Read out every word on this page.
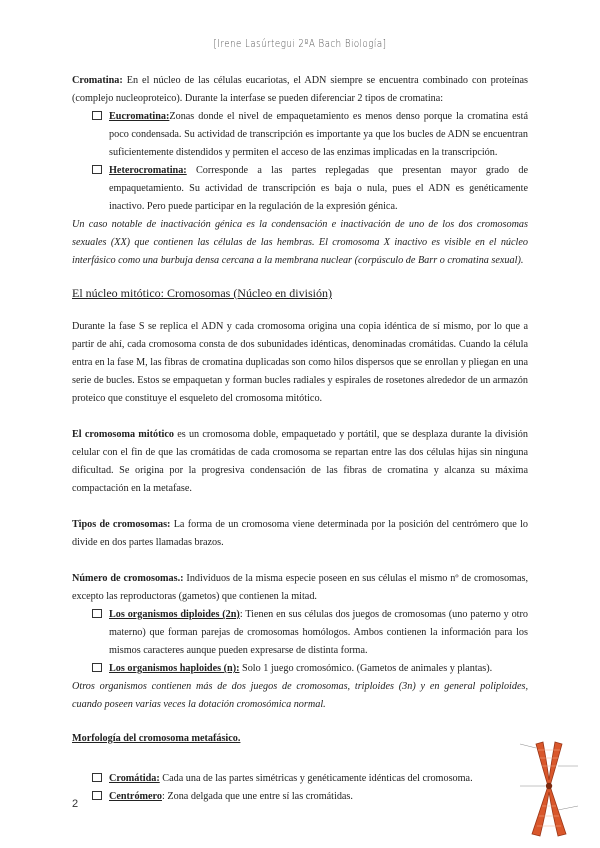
[Irene Lasúrtegui 2ºA Bach Biología]

Cromatina: En el núcleo de las células eucariotas, el ADN siempre se encuentra combinado con proteínas (complejo nucleoproteico). Durante la interfase se pueden diferenciar 2 tipos de cromatina:

Eucromatina:Zonas donde el nivel de empaquetamiento es menos denso porque la cromatina está poco condensada. Su actividad de transcripción es importante ya que los bucles de ADN se encuentran suficientemente distendidos y permiten el acceso de las enzimas implicadas en la transcripción.
Heterocromatina: Corresponde a las partes replegadas que presentan mayor grado de empaquetamiento. Su actividad de transcripción es baja o nula, pues el ADN es genéticamente inactivo. Pero puede participar en la regulación de la expresión génica.

Un caso notable de inactivación génica es la condensación e inactivación de uno de los dos cromosomas sexuales (XX) que contienen las células de las hembras. El cromosoma X inactivo es visible en el núcleo interfásico como una burbuja densa cercana a la membrana nuclear (corpúsculo de Barr o cromatina sexual).

El núcleo mitótico: Cromosomas (Núcleo en división)

Durante la fase S se replica el ADN y cada cromosoma origina una copia idéntica de sí mismo, por lo que a partir de ahí, cada cromosoma consta de dos subunidades idénticas, denominadas cromátidas. Cuando la célula entra en la fase M, las fibras de cromatina duplicadas son como hilos dispersos que se enrollan y pliegan en una serie de bucles. Estos se empaquetan y forman bucles radiales y espirales de rosetones alrededor de un armazón proteico que constituye el esqueleto del cromosoma mitótico.

El cromosoma mitótico es un cromosoma doble, empaquetado y portátil, que se desplaza durante la división celular con el fin de que las cromátidas de cada cromosoma se repartan entre las dos células hijas sin ninguna dificultad. Se origina por la progresiva condensación de las fibras de cromatina y alcanza su máxima compactación en la metafase.

Tipos de cromosomas: La forma de un cromosoma viene determinada por la posición del centrómero que lo divide en dos partes llamadas brazos.

Número de cromosomas.: Individuos de la misma especie poseen en sus células el mismo nº de cromosomas, excepto las reproductoras (gametos) que contienen la mitad.

Los organismos diploides (2n): Tienen en sus células dos juegos de cromosomas (uno paterno y otro materno) que forman parejas de cromosomas homólogos. Ambos contienen la información para los mismos caracteres aunque pueden expresarse de distinta forma.
Los organismos haploides (n): Solo 1 juego cromosómico. (Gametos de animales y plantas).

Otros organismos contienen más de dos juegos de cromosomas, triploides (3n) y en general poliploides, cuando poseen varias veces la dotación cromosómica normal.

Morfología del cromosoma metafásico.

Cromátida: Cada una de las partes simétricas y genéticamente idénticas del cromosoma.
Centrómero: Zona delgada que une entre sí las cromátidas.
2
